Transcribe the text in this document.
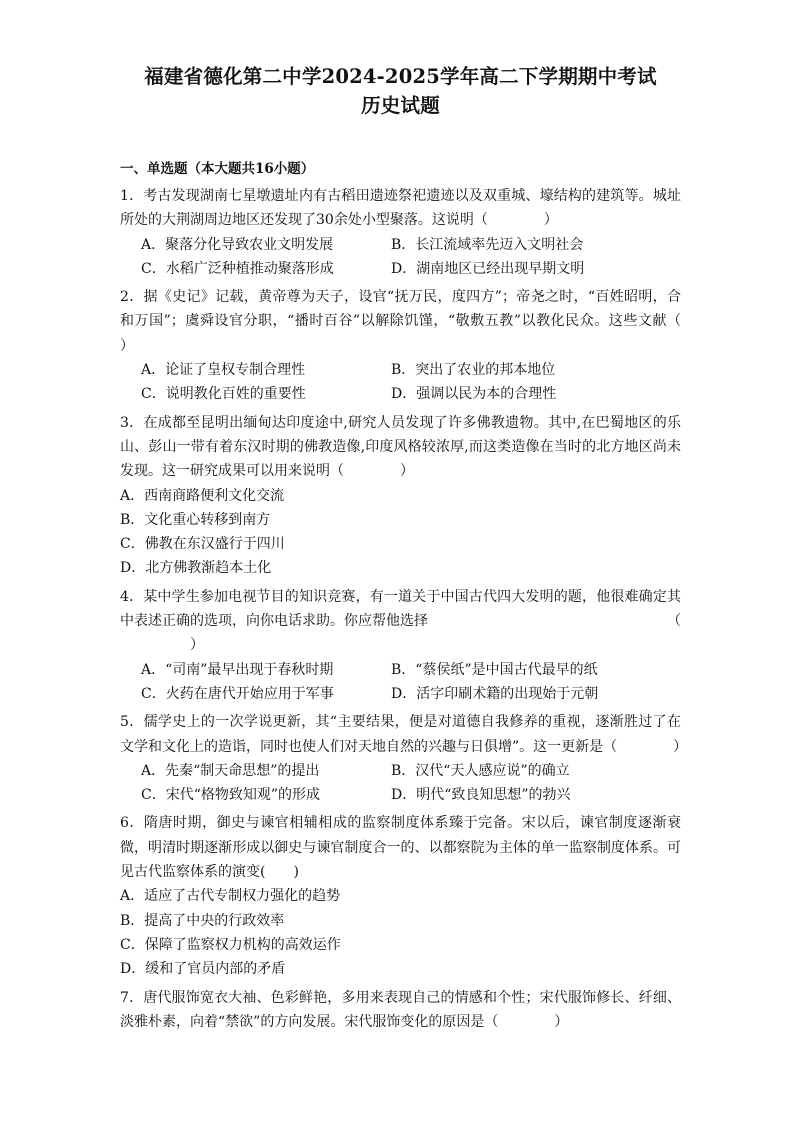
福建省德化第二中学2024-2025学年高二下学期期中考试
历史试题
一、单选题（本大题共16小题）
1．考古发现湖南七星墩遗址内有古稻田遗迹祭祀遗迹以及双重城、壕结构的建筑等。城址所处的大荆湖周边地区还发现了30余处小型聚落。这说明（　　　　）
A．聚落分化导致农业文明发展	B．长江流域率先迈入文明社会
C．水稻广泛种植推动聚落形成	D．湖南地区已经出现早期文明
2．据《史记》记载，黄帝尊为天子，设官“抚万民，度四方”；帝尧之时，“百姓昭明，合和万国”；虞舜设官分职，“播时百谷”以解除饥馑，“敬敷五教”以教化民众。这些文献（　　　　）
A．论证了皇权专制合理性	B．突出了农业的邦本地位
C．说明教化百姓的重要性	D．强调以民为本的合理性
3．在成都至昆明出缅甸达印度途中,研究人员发现了许多佛教遗物。其中,在巴蜀地区的乐山、彭山一带有着东汉时期的佛教造像,印度风格较浓厚,而这类造像在当时的北方地区尚未发现。这一研究成果可以用来说明（　　　　）
A．西南商路便利文化交流
B．文化重心转移到南方
C．佛教在东汉盛行于四川
D．北方佛教渐趋本土化
4．某中学生参加电视节目的知识竞赛，有一道关于中国古代四大发明的题，他很难确定其中表述正确的选项，向你电话求助。你应帮他选择	（
　　　　）
A．“司南”最早出现于春秋时期	B．“蔡侯纸”是中国古代最早的纸
C．火药在唐代开始应用于军事	D．活字印刷术籍的出现始于元朝
5．儒学史上的一次学说更新，其“主要结果，便是对道德自我修养的重视，逐渐胜过了在文学和文化上的造诣，同时也使人们对天地自然的兴趣与日俱增”。这一更新是（　　　　）
A．先秦“制天命思想”的提出	B．汉代“天人感应说”的确立
C．宋代“格物致知观”的形成	D．明代“致良知思想”的勃兴
6．隋唐时期，御史与谏官相辅相成的监察制度体系臻于完备。宋以后，谏官制度逐渐衰微，明清时期逐渐形成以御史与谏官制度合一的、以都察院为主体的单一监察制度体系。可见古代监察体系的演变(　　)
A．适应了古代专制权力强化的趋势
B．提高了中央的行政效率
C．保障了监察权力机构的高效运作
D．缓和了官员内部的矛盾
7．唐代服饰宽衣大袖、色彩鲜艳，多用来表现自己的情感和个性；宋代服饰修长、纤细、淡雅朴素，向着“禁欲”的方向发展。宋代服饰变化的原因是（　　　　）
